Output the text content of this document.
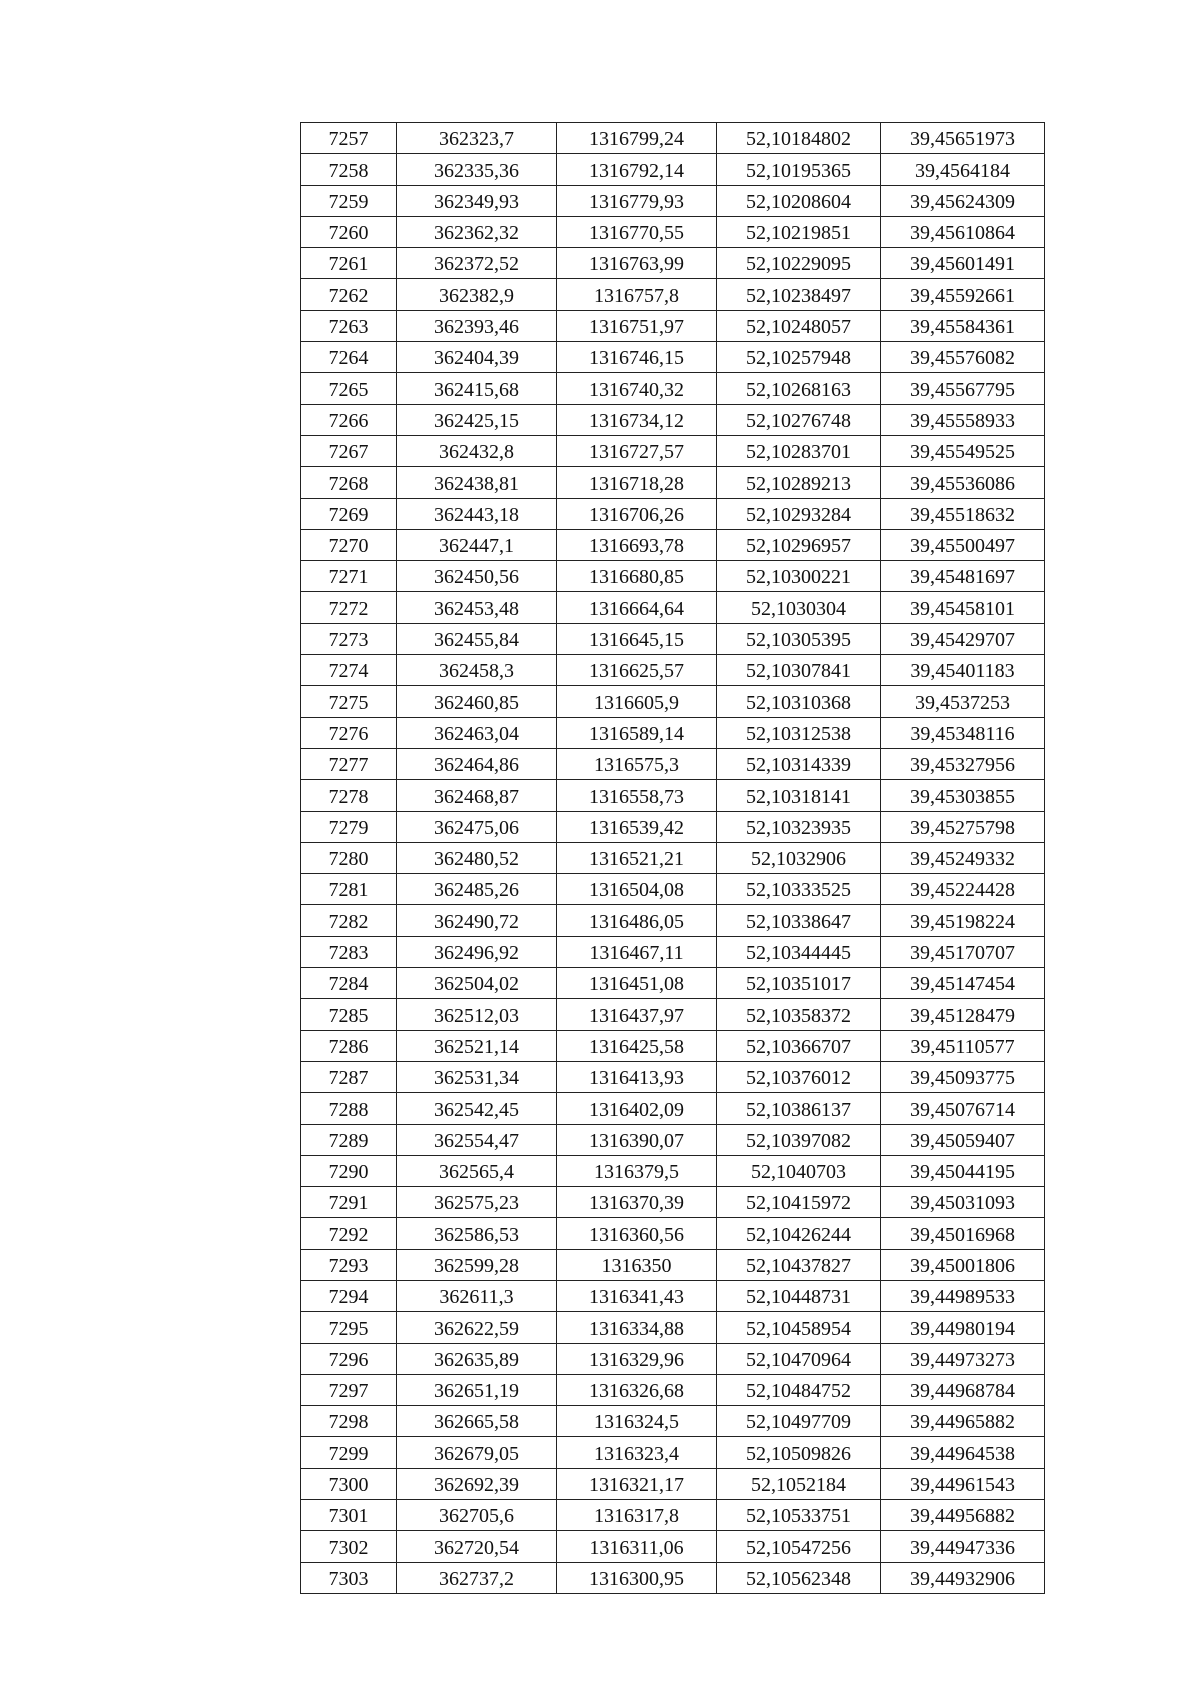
7257	362323,7	1316799,24	52,10184802	39,45651973
7258	362335,36	1316792,14	52,10195365	39,4564184
7259	362349,93	1316779,93	52,10208604	39,45624309
7260	362362,32	1316770,55	52,10219851	39,45610864
7261	362372,52	1316763,99	52,10229095	39,45601491
7262	362382,9	1316757,8	52,10238497	39,45592661
7263	362393,46	1316751,97	52,10248057	39,45584361
7264	362404,39	1316746,15	52,10257948	39,45576082
7265	362415,68	1316740,32	52,10268163	39,45567795
7266	362425,15	1316734,12	52,10276748	39,45558933
7267	362432,8	1316727,57	52,10283701	39,45549525
7268	362438,81	1316718,28	52,10289213	39,45536086
7269	362443,18	1316706,26	52,10293284	39,45518632
7270	362447,1	1316693,78	52,10296957	39,45500497
7271	362450,56	1316680,85	52,10300221	39,45481697
7272	362453,48	1316664,64	52,1030304	39,45458101
7273	362455,84	1316645,15	52,10305395	39,45429707
7274	362458,3	1316625,57	52,10307841	39,45401183
7275	362460,85	1316605,9	52,10310368	39,4537253
7276	362463,04	1316589,14	52,10312538	39,45348116
7277	362464,86	1316575,3	52,10314339	39,45327956
7278	362468,87	1316558,73	52,10318141	39,45303855
7279	362475,06	1316539,42	52,10323935	39,45275798
7280	362480,52	1316521,21	52,1032906	39,45249332
7281	362485,26	1316504,08	52,10333525	39,45224428
7282	362490,72	1316486,05	52,10338647	39,45198224
7283	362496,92	1316467,11	52,10344445	39,45170707
7284	362504,02	1316451,08	52,10351017	39,45147454
7285	362512,03	1316437,97	52,10358372	39,45128479
7286	362521,14	1316425,58	52,10366707	39,45110577
7287	362531,34	1316413,93	52,10376012	39,45093775
7288	362542,45	1316402,09	52,10386137	39,45076714
7289	362554,47	1316390,07	52,10397082	39,45059407
7290	362565,4	1316379,5	52,1040703	39,45044195
7291	362575,23	1316370,39	52,10415972	39,45031093
7292	362586,53	1316360,56	52,10426244	39,45016968
7293	362599,28	1316350	52,10437827	39,45001806
7294	362611,3	1316341,43	52,10448731	39,44989533
7295	362622,59	1316334,88	52,10458954	39,44980194
7296	362635,89	1316329,96	52,10470964	39,44973273
7297	362651,19	1316326,68	52,10484752	39,44968784
7298	362665,58	1316324,5	52,10497709	39,44965882
7299	362679,05	1316323,4	52,10509826	39,44964538
7300	362692,39	1316321,17	52,1052184	39,44961543
7301	362705,6	1316317,8	52,10533751	39,44956882
7302	362720,54	1316311,06	52,10547256	39,44947336
7303	362737,2	1316300,95	52,10562348	39,44932906
